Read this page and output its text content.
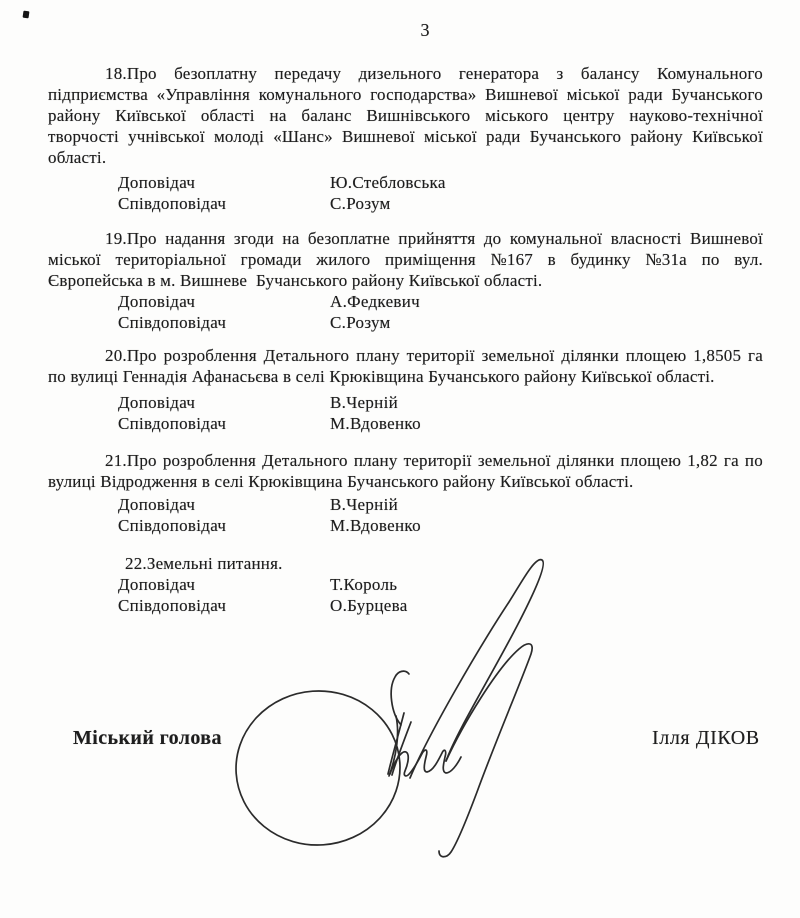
3
18.Про безоплатну передачу дизельного генератора з балансу Комунального
підприємства «Управління комунального господарства» Вишневої міської ради Бучанського
району Київської області на баланс Вишнівського міського центру науково-технічної
творчості учнівської молоді «Шанс» Вишневої міської ради Бучанського району Київської
області.
Доповідач	Ю.Стебловська
Співдоповідач	С.Розум
19.Про надання згоди на безоплатне прийняття до комунальної власності Вишневої
міської територіальної громади жилого приміщення №167 в будинку №31а по вул.
Європейська в м. Вишневе  Бучанського району Київської області.
Доповідач	А.Федкевич
Співдоповідач	С.Розум
20.Про розроблення Детального плану території земельної ділянки площею 1,8505 га
по вулиці Геннадія Афанасьєва в селі Крюківщина Бучанського району Київської області.
Доповідач	В.Черній
Співдоповідач	М.Вдовенко
21.Про розроблення Детального плану території земельної ділянки площею 1,82 га по
вулиці Відродження в селі Крюківщина Бучанського району Київської області.
Доповідач	В.Черній
Співдоповідач	М.Вдовенко
22.Земельні питання.
Доповідач	Т.Король
Співдоповідач	О.Бурцева
Міський голова	Ілля ДІКОВ
